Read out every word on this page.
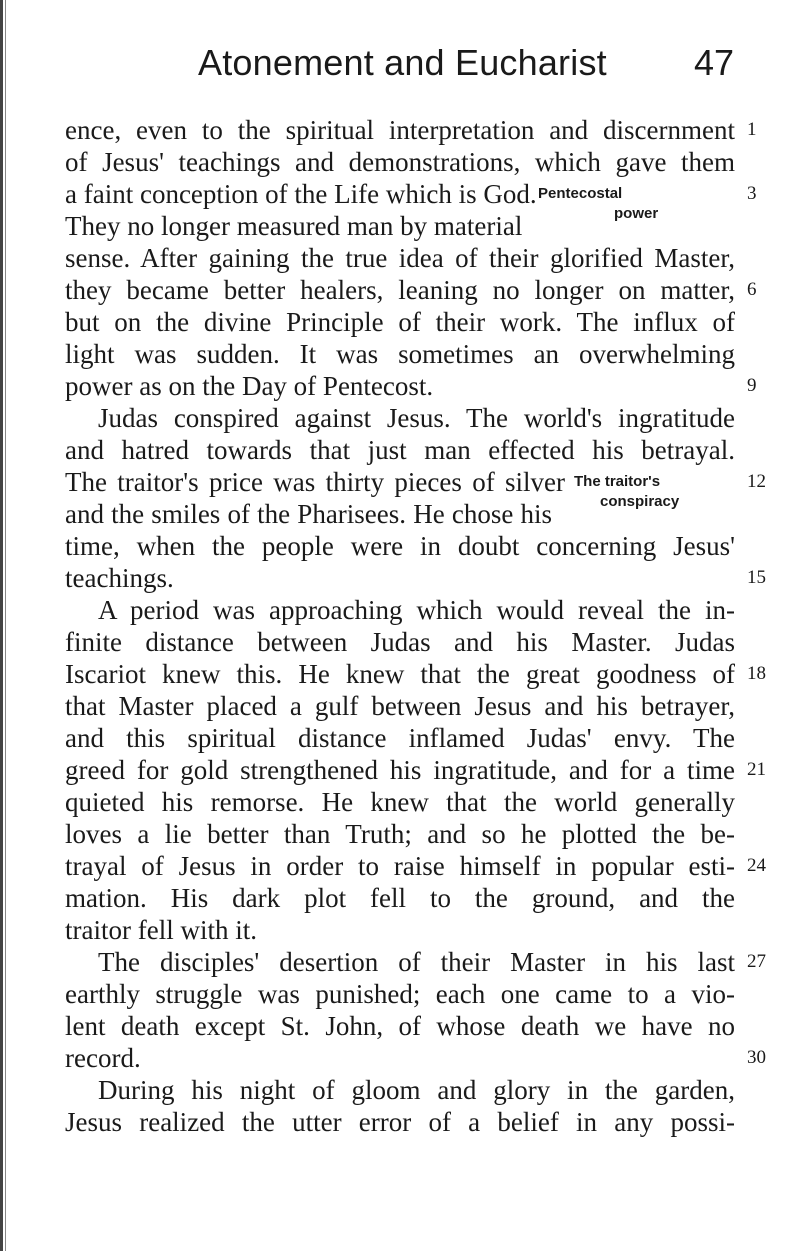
Atonement and Eucharist 47
ence, even to the spiritual interpretation and discernment
of Jesus' teachings and demonstrations, which gave them
a faint conception of the Life which is God.
They no longer measured man by material
sense. After gaining the true idea of their glorified Master,
they became better healers, leaning no longer on matter,
but on the divine Principle of their work. The influx of
light was sudden. It was sometimes an overwhelming
power as on the Day of Pentecost.
Judas conspired against Jesus. The world's ingratitude
and hatred towards that just man effected his betrayal.
The traitor's price was thirty pieces of silver
and the smiles of the Pharisees. He chose his
time, when the people were in doubt concerning Jesus'
teachings.
A period was approaching which would reveal the in-
finite distance between Judas and his Master. Judas
Iscariot knew this. He knew that the great goodness of
that Master placed a gulf between Jesus and his betrayer,
and this spiritual distance inflamed Judas' envy. The
greed for gold strengthened his ingratitude, and for a time
quieted his remorse. He knew that the world generally
loves a lie better than Truth; and so he plotted the be-
trayal of Jesus in order to raise himself in popular esti-
mation. His dark plot fell to the ground, and the
traitor fell with it.
The disciples' desertion of their Master in his last
earthly struggle was punished; each one came to a vio-
lent death except St. John, of whose death we have no
record.
During his night of gloom and glory in the garden,
Jesus realized the utter error of a belief in any possi-
Pentecostal
power
The traitor's
conspiracy
1
3
6
9
12
15
18
21
24
27
30
